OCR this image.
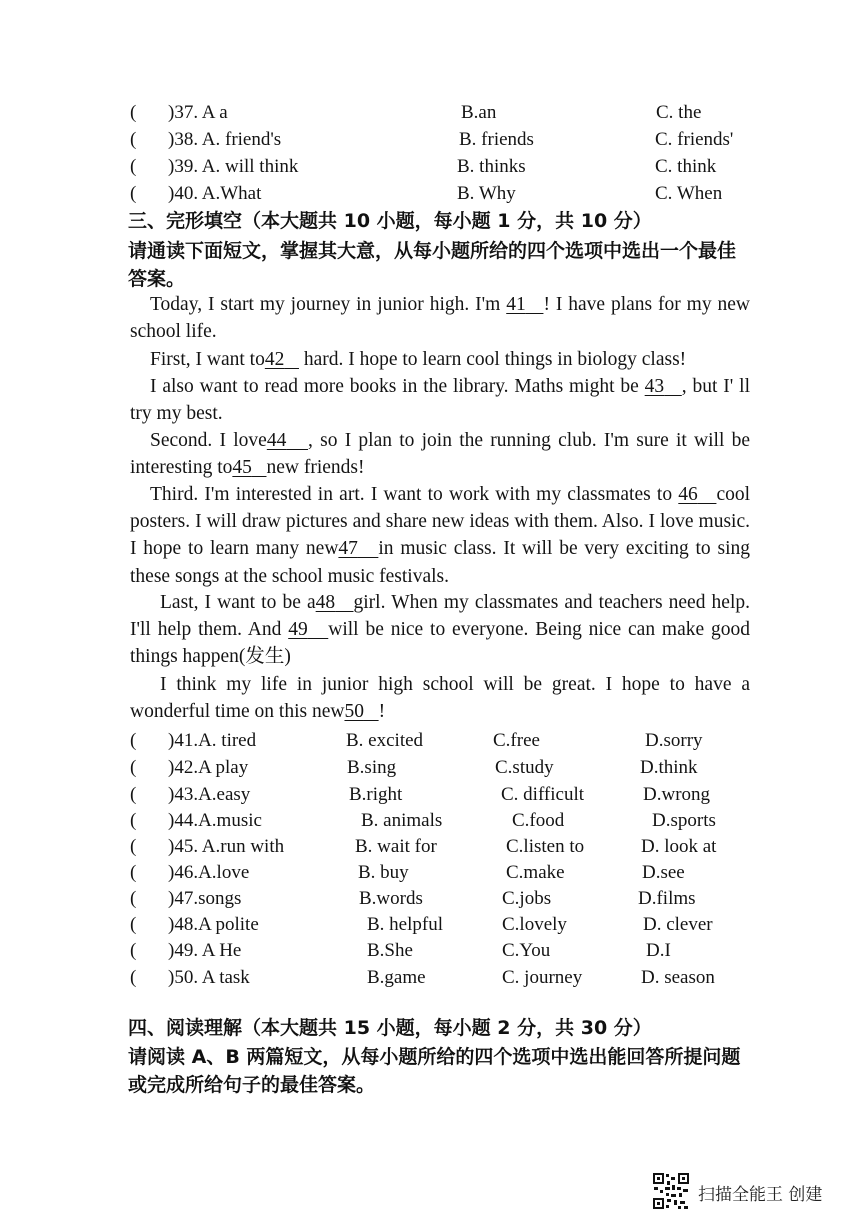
( )37. A a	B.an	C. the
( )38. A. friend's	B. friends	C. friends'
( )39. A. will think	B. thinks	C. think
( )40. A.What	B. Why	C. When
三、完形填空（本大题共 10 小题，每小题 1 分，共 10 分）
请通读下面短文，掌握其大意，从每小题所给的四个选项中选出一个最佳答案。
Today, I start my journey in junior high. I'm 41 ! I have plans for my new school life.
First, I want to42    hard. I hope to learn cool things in biology class!
I also want to read more books in the library. Maths might be 43 , but I' ll try my best.
Second. I love44 , so I plan to join the running club. I'm sure it will be interesting to45 new friends!
Third. I'm interested in art. I want to work with my classmates to 46 cool posters. I will draw pictures and share new ideas with them. Also. I love music. I hope to learn many new47 in music class. It will be very exciting to sing these songs at the school music festivals.
Last, I want to be a48 girl. When my classmates and teachers need help. I'll help them. And 49 will be nice to everyone. Being nice can make good things happen(发生)
I think my life in junior high school will be great. I hope to have a wonderful time on this new50 !
( )41.A. tired	B. excited	C.free	D.sorry
( )42.A play	B.sing	C.study	D.think
( )43.A.easy	B.right	C. difficult	D.wrong
( )44.A.music	B. animals	C.food	D.sports
( )45. A.run with	B. wait for	C.listen to	D. look at
( )46.A.love	B. buy	C.make	D.see
( )47.songs	B.words	C.jobs	D.films
( )48.A polite	B. helpful	C.lovely	D. clever
( )49. A He	B.She	C.You	D.I
( )50. A task	B.game	C. journey	D. season
四、阅读理解（本大题共 15 小题，每小题 2 分，共 30 分）
请阅读 A、B 两篇短文，从每小题所给的四个选项中选出能回答所提问题或完成所给句子的最佳答案。
扫描全能王 创建
